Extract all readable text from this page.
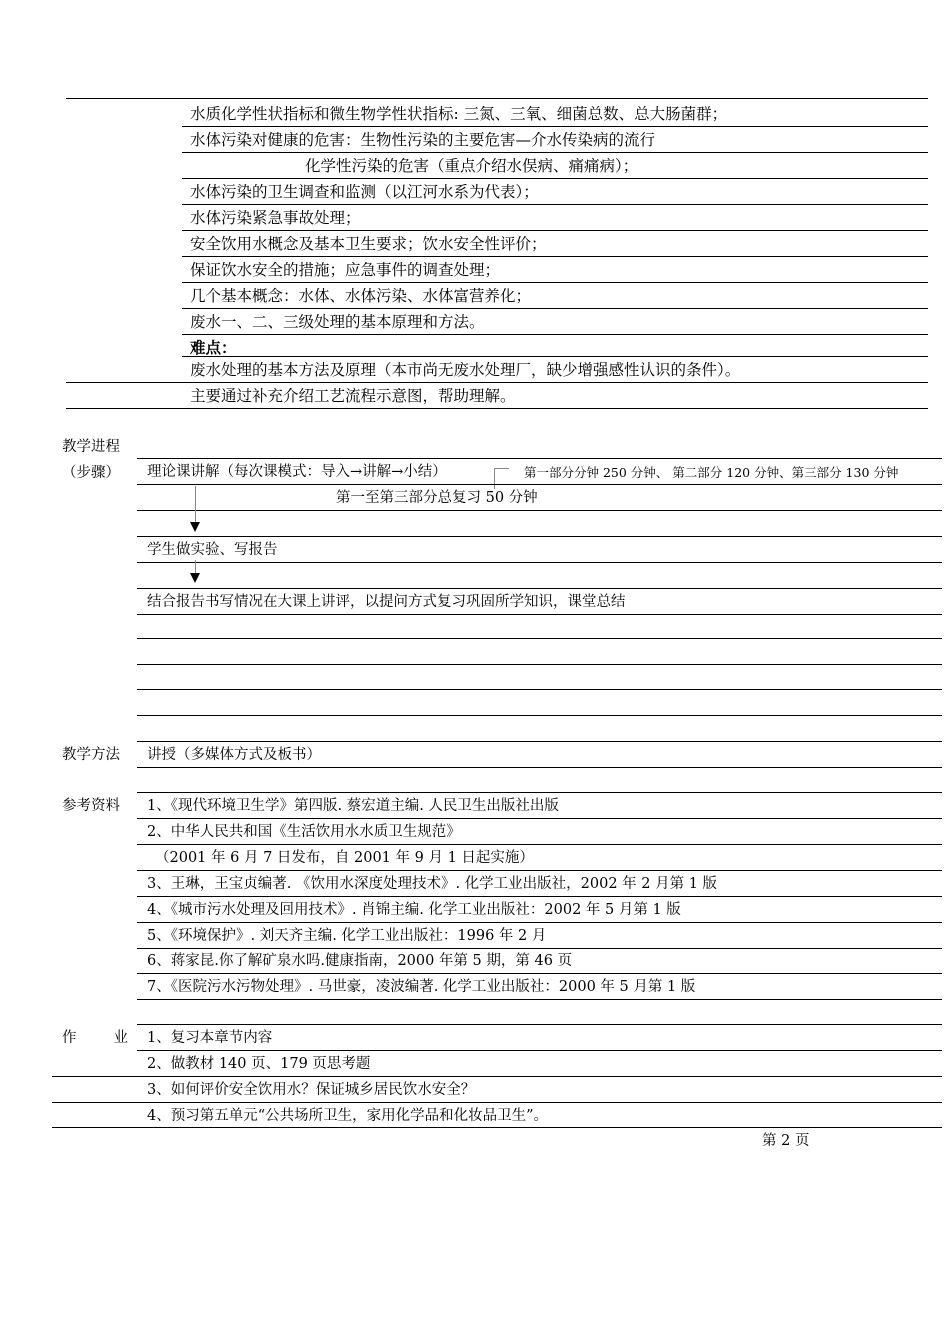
水质化学性状指标和微生物学性状指标: 三氮、三氧、细菌总数、总大肠菌群；
水体污染对健康的危害：生物性污染的主要危害—介水传染病的流行
化学性污染的危害（重点介绍水俣病、痛痛病）；
水体污染的卫生调查和监测（以江河水系为代表）；
水体污染紧急事故处理；
安全饮用水概念及基本卫生要求；饮水安全性评价；
保证饮水安全的措施；应急事件的调查处理；
几个基本概念：水体、水体污染、水体富营养化；
废水一、二、三级处理的基本原理和方法。
难点：
废水处理的基本方法及原理（本市尚无废水处理厂，缺少增强感性认识的条件）。
主要通过补充介绍工艺流程示意图，帮助理解。
教学进程
（步骤） 理论课讲解（每次课模式：导入→讲解→小结）	第一部分分钟 250 分钟、 第二部分 120 分钟、第三部分 130 分钟
第一至第三部分总复习 50 分钟
学生做实验、写报告
结合报告书写情况在大课上讲评，以提问方式复习巩固所学知识，课堂总结
教学方法 讲授（多媒体方式及板书）
参考资料 1、《现代环境卫生学》第四版. 蔡宏道主编. 人民卫生出版社出版
2、中华人民共和国《生活饮用水水质卫生规范》
（2001 年 6 月 7 日发布，自 2001 年 9 月 1 日起实施）
3、王琳，王宝贞编著. 《饮用水深度处理技术》. 化学工业出版社，2002 年 2 月第 1 版
4、《城市污水处理及回用技术》. 肖锦主编. 化学工业出版社：2002 年 5 月第 1 版
5、《环境保护》. 刘天齐主编. 化学工业出版社：1996 年 2 月
6、蒋家昆.你了解矿泉水吗.健康指南，2000 年第 5 期，第 46 页
7、《医院污水污物处理》. 马世豪，凌波编著. 化学工业出版社：2000 年 5 月第 1 版
作	业 1、复习本章节内容
2、做教材 140 页、179 页思考题
3、如何评价安全饮用水？保证城乡居民饮水安全？
4、预习第五单元“公共场所卫生，家用化学品和化妆品卫生”。
第 2 页
